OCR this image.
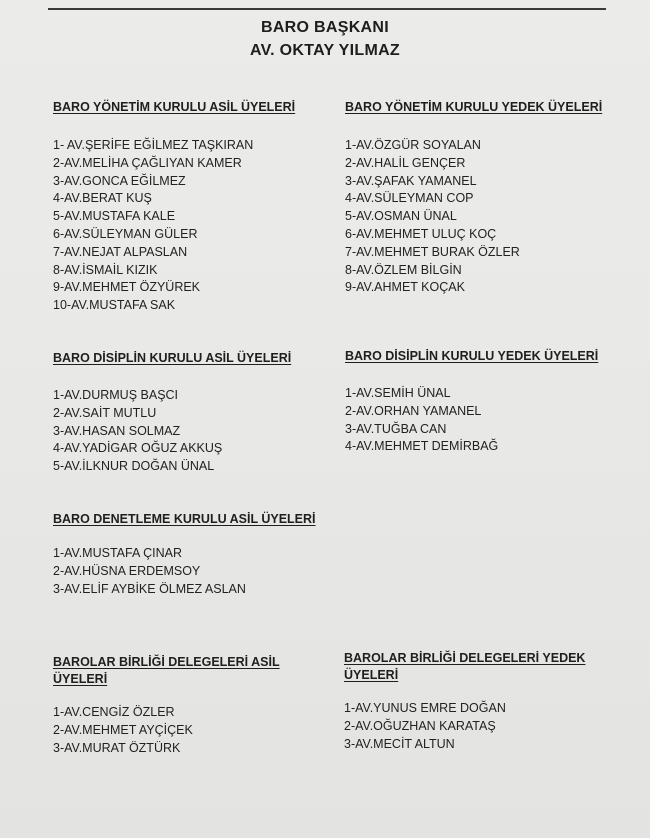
BARO BAŞKANI
AV. OKTAY YILMAZ
BARO YÖNETİM KURULU ASİL ÜYELERİ
1- AV.ŞERİFE EĞİLMEZ TAŞKIRAN
2-AV.MELİHA ÇAĞLIYAN KAMER
3-AV.GONCA EĞİLMEZ
4-AV.BERAT KUŞ
5-AV.MUSTAFA KALE
6-AV.SÜLEYMAN GÜLER
7-AV.NEJAT ALPASLAN
8-AV.İSMAİL KIZIK
9-AV.MEHMET ÖZYÜREK
10-AV.MUSTAFA SAK
BARO YÖNETİM KURULU YEDEK ÜYELERİ
1-AV.ÖZGÜR SOYALAN
2-AV.HALİL GENÇER
3-AV.ŞAFAK YAMANEL
4-AV.SÜLEYMAN COP
5-AV.OSMAN ÜNAL
6-AV.MEHMET ULUÇ KOÇ
7-AV.MEHMET BURAK ÖZLER
8-AV.ÖZLEM BİLGİN
9-AV.AHMET KOÇAK
BARO DİSİPLİN KURULU ASİL ÜYELERİ
1-AV.DURMUŞ BAŞCI
2-AV.SAİT MUTLU
3-AV.HASAN SOLMAZ
4-AV.YADİGAR OĞUZ AKKUŞ
5-AV.İLKNUR DOĞAN ÜNAL
BARO DİSİPLİN KURULU YEDEK ÜYELERİ
1-AV.SEMİH ÜNAL
2-AV.ORHAN YAMANEL
3-AV.TUĞBA CAN
4-AV.MEHMET DEMİRBAĞ
BARO DENETLEME KURULU ASİL ÜYELERİ
1-AV.MUSTAFA ÇINAR
2-AV.HÜSNA ERDEMSOY
3-AV.ELİF AYBİKE ÖLMEZ ASLAN
BAROLAR BİRLİĞİ DELEGELERİ ASİL
ÜYELERİ
1-AV.CENGİZ ÖZLER
2-AV.MEHMET AYÇİÇEK
3-AV.MURAT ÖZTÜRK
BAROLAR BİRLİĞİ DELEGELERİ YEDEK
ÜYELERİ
1-AV.YUNUS EMRE DOĞAN
2-AV.OĞUZHAN KARATAŞ
3-AV.MECİT ALTUN
